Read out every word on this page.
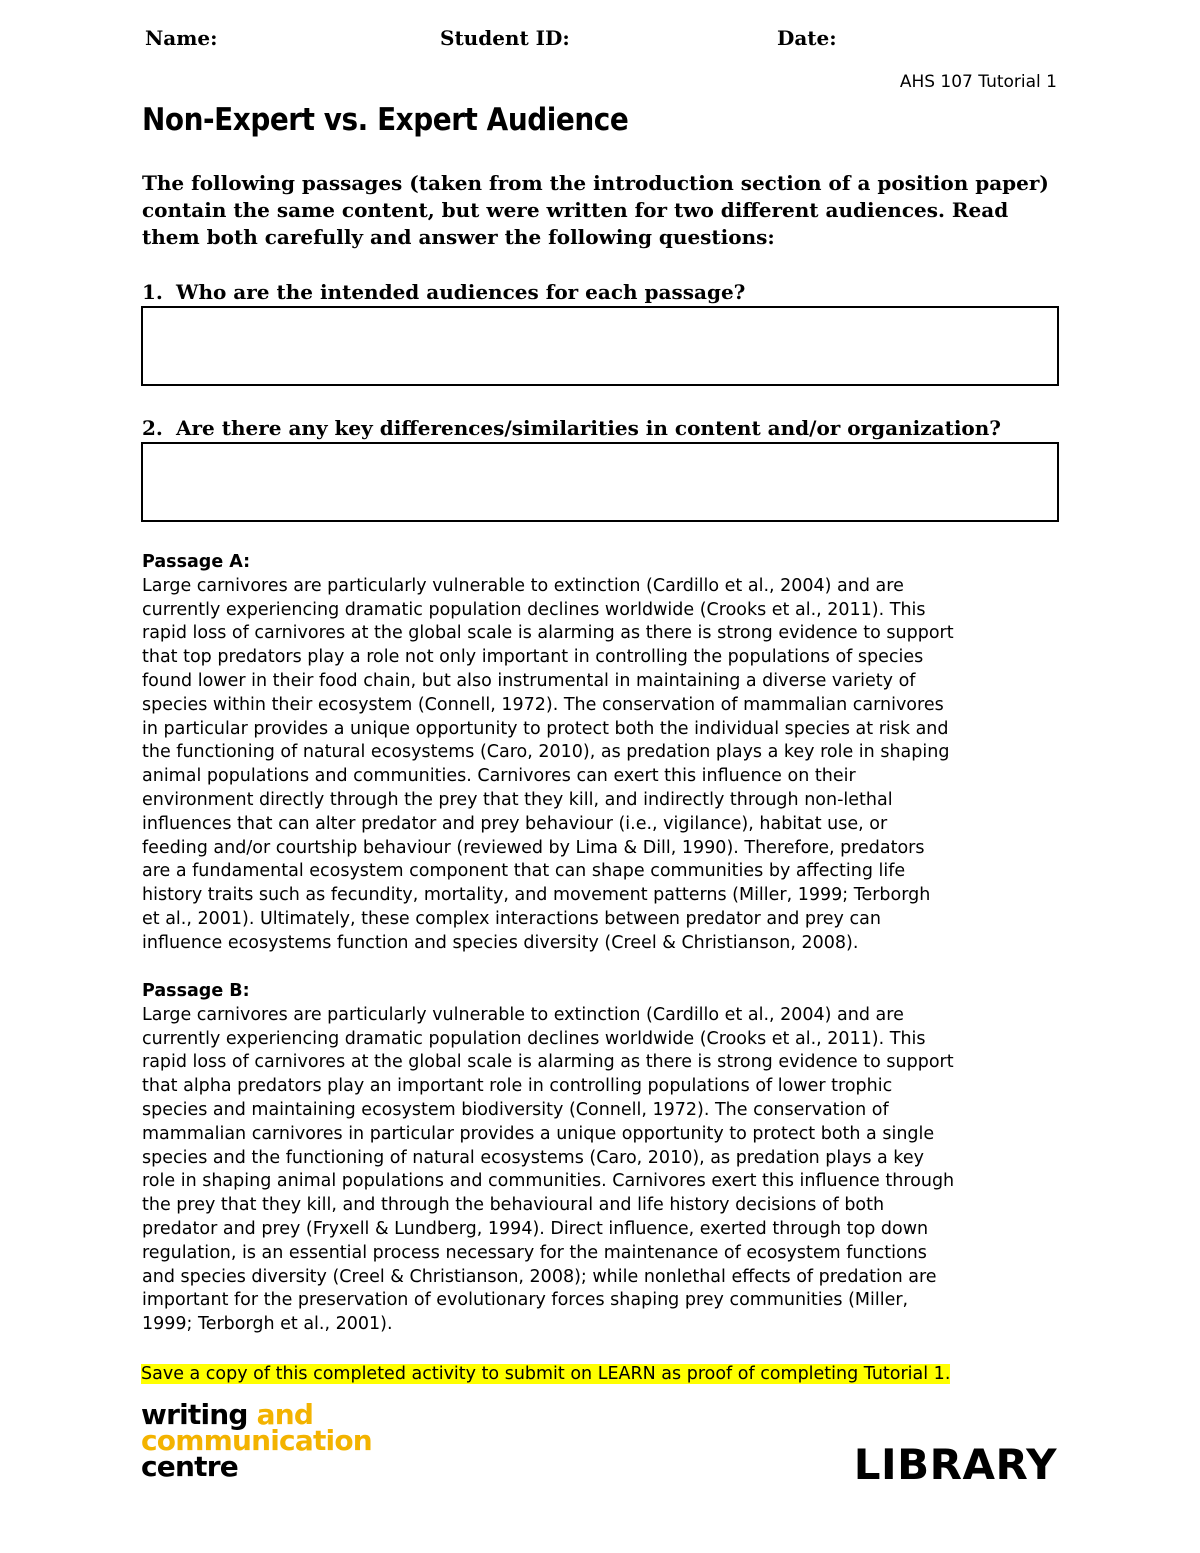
Name:	Student ID:	Date:
AHS 107 Tutorial 1
Non-Expert vs. Expert Audience
The following passages (taken from the introduction section of a position paper) contain the same content, but were written for two different audiences. Read them both carefully and answer the following questions:
1. Who are the intended audiences for each passage?
2. Are there any key differences/similarities in content and/or organization?
Passage A:
Large carnivores are particularly vulnerable to extinction (Cardillo et al., 2004) and are
currently experiencing dramatic population declines worldwide (Crooks et al., 2011). This
rapid loss of carnivores at the global scale is alarming as there is strong evidence to support
that top predators play a role not only important in controlling the populations of species
found lower in their food chain, but also instrumental in maintaining a diverse variety of
species within their ecosystem (Connell, 1972). The conservation of mammalian carnivores
in particular provides a unique opportunity to protect both the individual species at risk and
the functioning of natural ecosystems (Caro, 2010), as predation plays a key role in shaping
animal populations and communities. Carnivores can exert this influence on their
environment directly through the prey that they kill, and indirectly through non-lethal
influences that can alter predator and prey behaviour (i.e., vigilance), habitat use, or
feeding and/or courtship behaviour (reviewed by Lima & Dill, 1990). Therefore, predators
are a fundamental ecosystem component that can shape communities by affecting life
history traits such as fecundity, mortality, and movement patterns (Miller, 1999; Terborgh
et al., 2001). Ultimately, these complex interactions between predator and prey can
influence ecosystems function and species diversity (Creel & Christianson, 2008).
Passage B:
Large carnivores are particularly vulnerable to extinction (Cardillo et al., 2004) and are
currently experiencing dramatic population declines worldwide (Crooks et al., 2011). This
rapid loss of carnivores at the global scale is alarming as there is strong evidence to support
that alpha predators play an important role in controlling populations of lower trophic
species and maintaining ecosystem biodiversity (Connell, 1972). The conservation of
mammalian carnivores in particular provides a unique opportunity to protect both a single
species and the functioning of natural ecosystems (Caro, 2010), as predation plays a key
role in shaping animal populations and communities. Carnivores exert this influence through
the prey that they kill, and through the behavioural and life history decisions of both
predator and prey (Fryxell & Lundberg, 1994). Direct influence, exerted through top down
regulation, is an essential process necessary for the maintenance of ecosystem functions
and species diversity (Creel & Christianson, 2008); while nonlethal effects of predation are
important for the preservation of evolutionary forces shaping prey communities (Miller,
1999; Terborgh et al., 2001).
Save a copy of this completed activity to submit on LEARN as proof of completing Tutorial 1.
writing and
communication
centre	LIBRARY
